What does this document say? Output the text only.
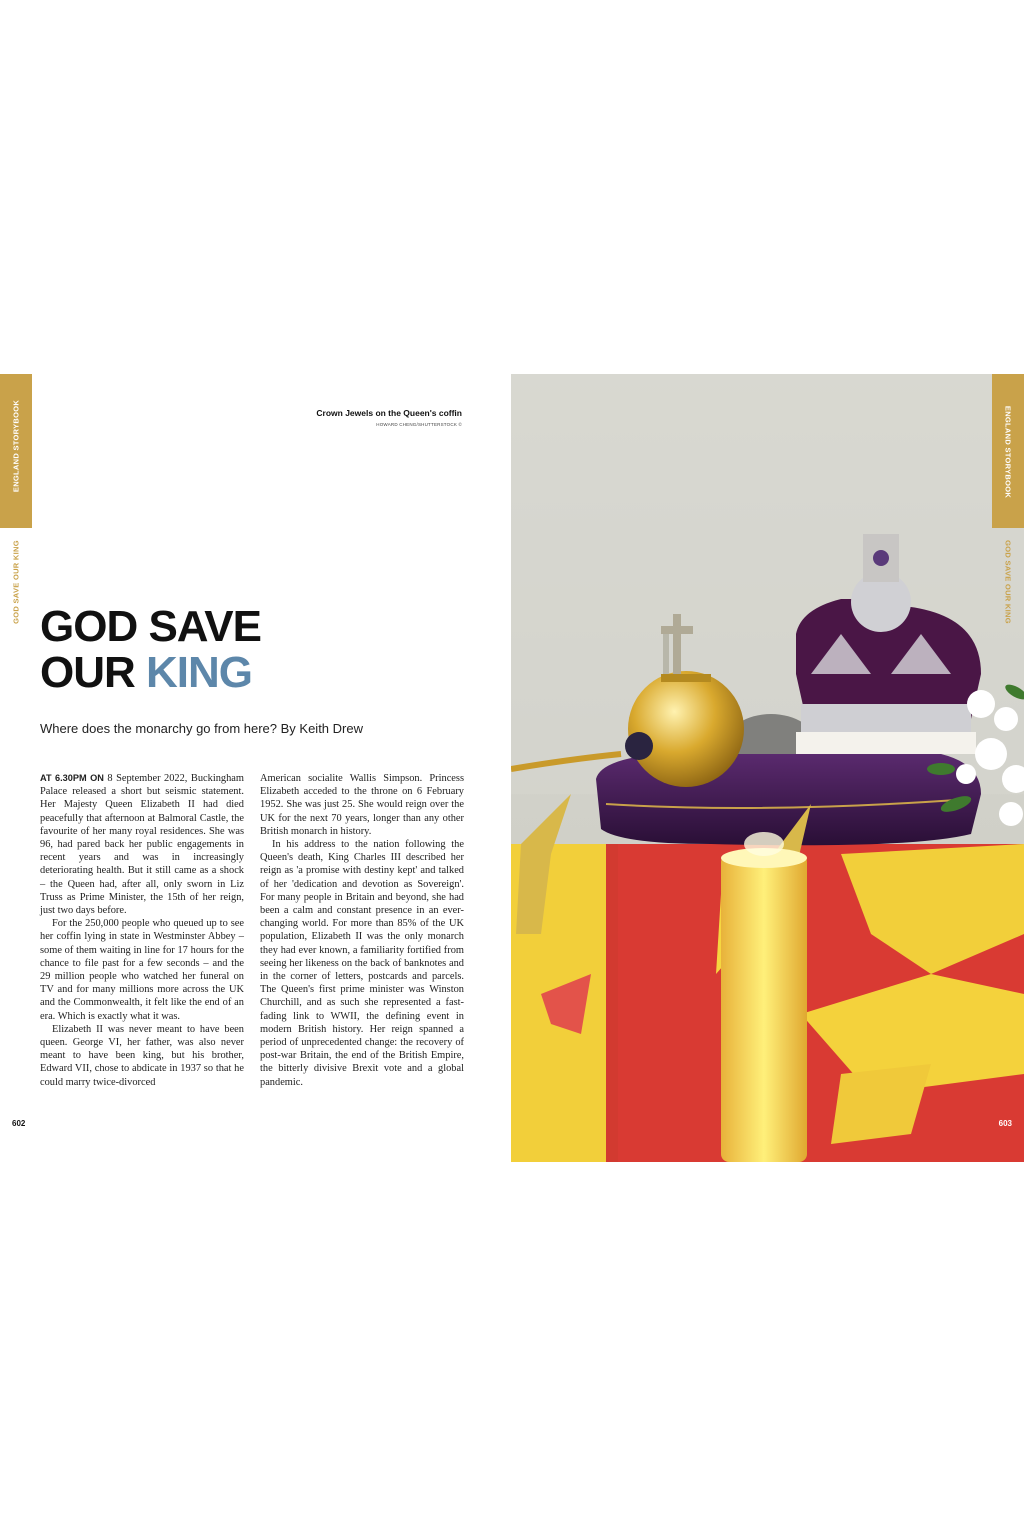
ENGLAND STORYBOOK
GOD SAVE OUR KING
Crown Jewels on the Queen's coffin
HOWARD CHENG/SHUTTERSTOCK ©
GOD SAVE
OUR KING
Where does the monarchy go from here? By Keith Drew

AT 6.30PM ON 8 September 2022, Buckingham Palace released a short but seismic statement. Her Majesty Queen Elizabeth II had died peacefully that afternoon at Balmoral Castle, the favourite of her many royal residences. She was 96, had pared back her public engagements in recent years and was in increasingly deteriorating health. But it still came as a shock – the Queen had, after all, only sworn in Liz Truss as Prime Minister, the 15th of her reign, just two days before.

For the 250,000 people who queued up to see her coffin lying in state in Westminster Abbey – some of them waiting in line for 17 hours for the chance to file past for a few seconds – and the 29 million people who watched her funeral on TV and for many millions more across the UK and the Commonwealth, it felt like the end of an era. Which is exactly what it was.

Elizabeth II was never meant to have been queen. George VI, her father, was also never meant to have been king, but his brother, Edward VII, chose to abdicate in 1937 so that he could marry twice-divorced

American socialite Wallis Simpson. Princess Elizabeth acceded to the throne on 6 February 1952. She was just 25. She would reign over the UK for the next 70 years, longer than any other British monarch in history.

In his address to the nation following the Queen's death, King Charles III described her reign as 'a promise with destiny kept' and talked of her 'dedication and devotion as Sovereign'. For many people in Britain and beyond, she had been a calm and constant presence in an ever-changing world. For more than 85% of the UK population, Elizabeth II was the only monarch they had ever known, a familiarity fortified from seeing her likeness on the back of banknotes and in the corner of letters, postcards and parcels. The Queen's first prime minister was Winston Churchill, and as such she represented a fast-fading link to WWII, the defining event in modern British history. Her reign spanned a period of unprecedented change: the recovery of post-war Britain, the end of the British Empire, the bitterly divisive Brexit vote and a global pandemic.

602
ENGLAND STORYBOOK
GOD SAVE OUR KING
603
